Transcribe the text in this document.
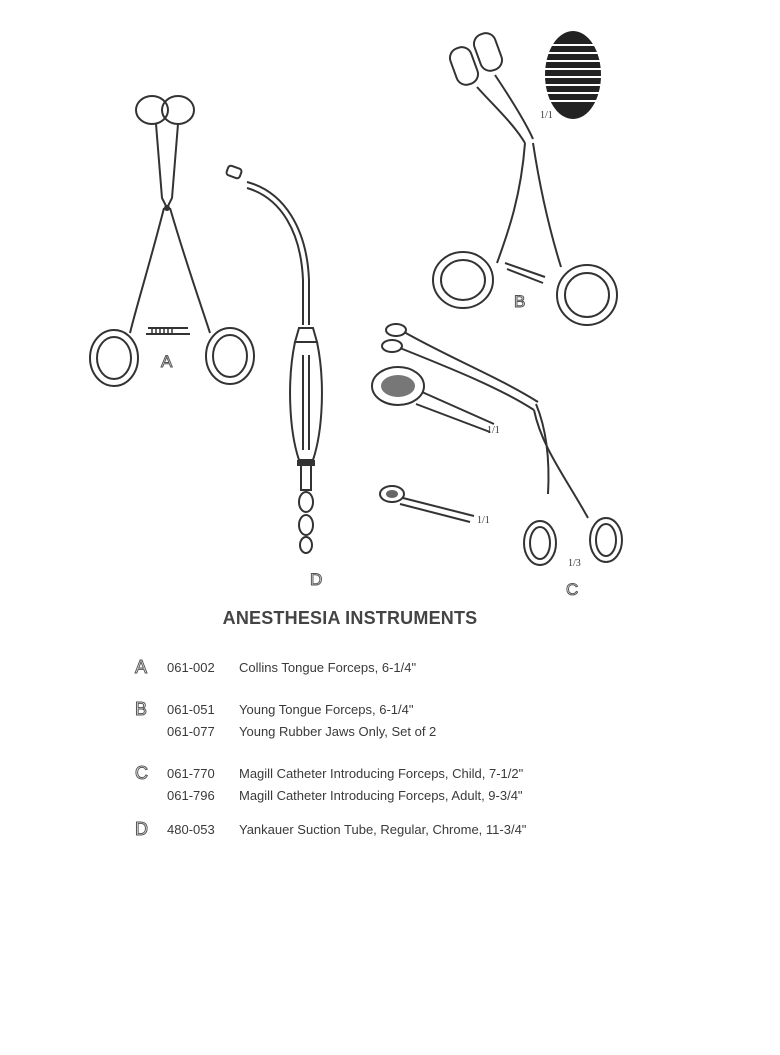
A
D
1/1
B
1/1
1/1
1/3
C
ANESTHESIA INSTRUMENTS
A 061-002 Collins Tongue Forceps, 6-1/4"
B 061-051 Young Tongue Forceps, 6-1/4"
061-077 Young Rubber Jaws Only, Set of 2
C 061-770 Magill Catheter Introducing Forceps, Child, 7-1/2"
061-796 Magill Catheter Introducing Forceps, Adult, 9-3/4"
D 480-053 Yankauer Suction Tube, Regular, Chrome, 11-3/4"
